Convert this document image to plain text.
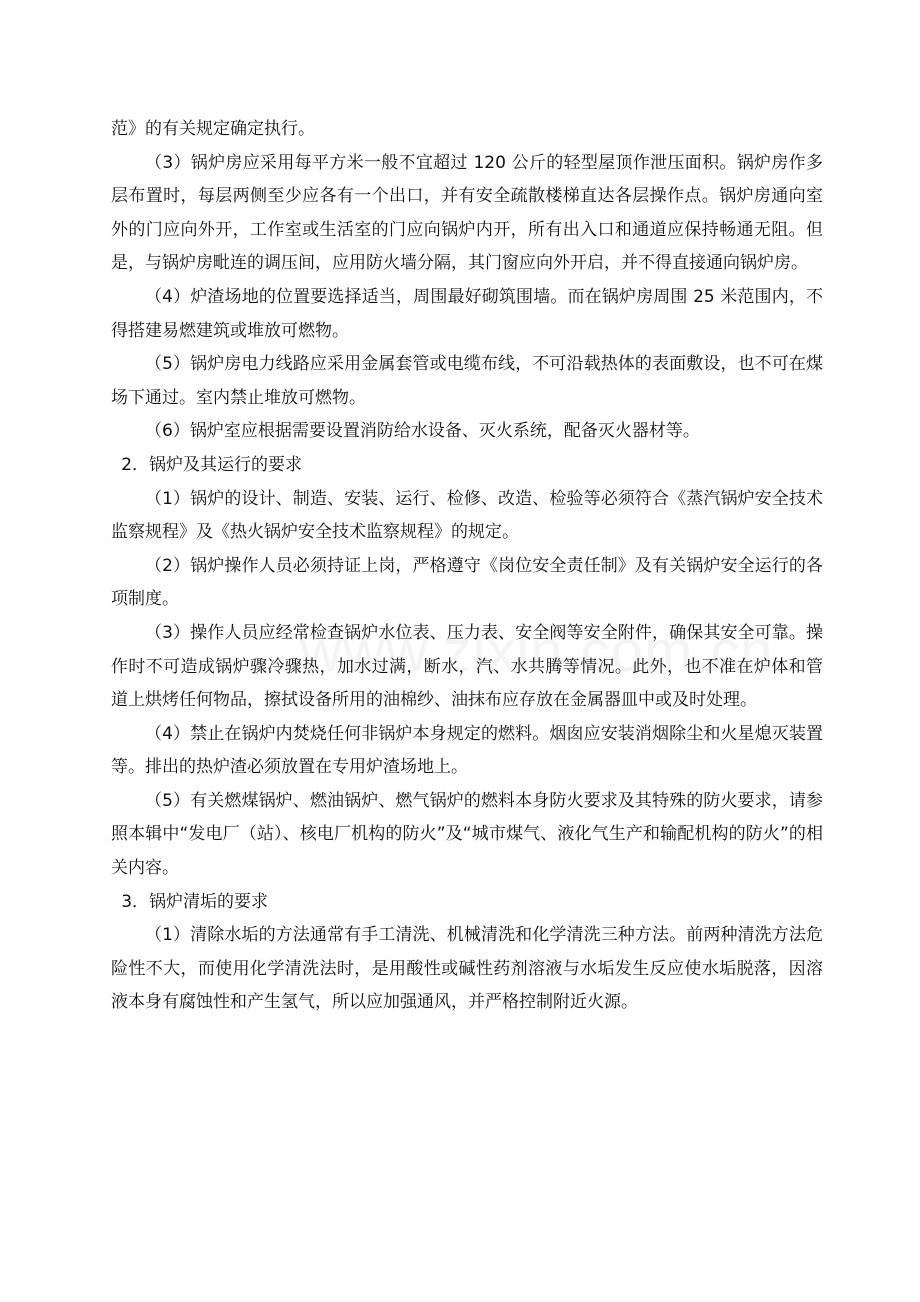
范》的有关规定确定执行。

（3）锅炉房应采用每平方米一般不宜超过 120 公斤的轻型屋顶作泄压面积。锅炉房作多层布置时，每层两侧至少应各有一个出口，并有安全疏散楼梯直达各层操作点。锅炉房通向室外的门应向外开，工作室或生活室的门应向锅炉内开，所有出入口和通道应保持畅通无阻。但是，与锅炉房毗连的调压间，应用防火墙分隔，其门窗应向外开启，并不得直接通向锅炉房。

（4）炉渣场地的位置要选择适当，周围最好砌筑围墙。而在锅炉房周围 25 米范围内，不得搭建易燃建筑或堆放可燃物。

（5）锅炉房电力线路应采用金属套管或电缆布线，不可沿载热体的表面敷设，也不可在煤场下通过。室内禁止堆放可燃物。

（6）锅炉室应根据需要设置消防给水设备、灭火系统，配备灭火器材等。

2．锅炉及其运行的要求

（1）锅炉的设计、制造、安装、运行、检修、改造、检验等必须符合《蒸汽锅炉安全技术监察规程》及《热火锅炉安全技术监察规程》的规定。

（2）锅炉操作人员必须持证上岗，严格遵守《岗位安全责任制》及有关锅炉安全运行的各项制度。

（3）操作人员应经常检查锅炉水位表、压力表、安全阀等安全附件，确保其安全可靠。操作时不可造成锅炉骤冷骤热，加水过满，断水，汽、水共腾等情况。此外，也不准在炉体和管道上烘烤任何物品，擦拭设备所用的油棉纱、油抹布应存放在金属器皿中或及时处理。

（4）禁止在锅炉内焚烧任何非锅炉本身规定的燃料。烟囱应安装消烟除尘和火星熄灭装置等。排出的热炉渣必须放置在专用炉渣场地上。

（5）有关燃煤锅炉、燃油锅炉、燃气锅炉的燃料本身防火要求及其特殊的防火要求，请参照本辑中“发电厂（站）、核电厂机构的防火”及“城市煤气、液化气生产和输配机构的防火”的相关内容。

3．锅炉清垢的要求

（1）清除水垢的方法通常有手工清洗、机械清洗和化学清洗三种方法。前两种清洗方法危险性不大，而使用化学清洗法时，是用酸性或碱性药剂溶液与水垢发生反应使水垢脱落，因溶液本身有腐蚀性和产生氢气，所以应加强通风，并严格控制附近火源。
